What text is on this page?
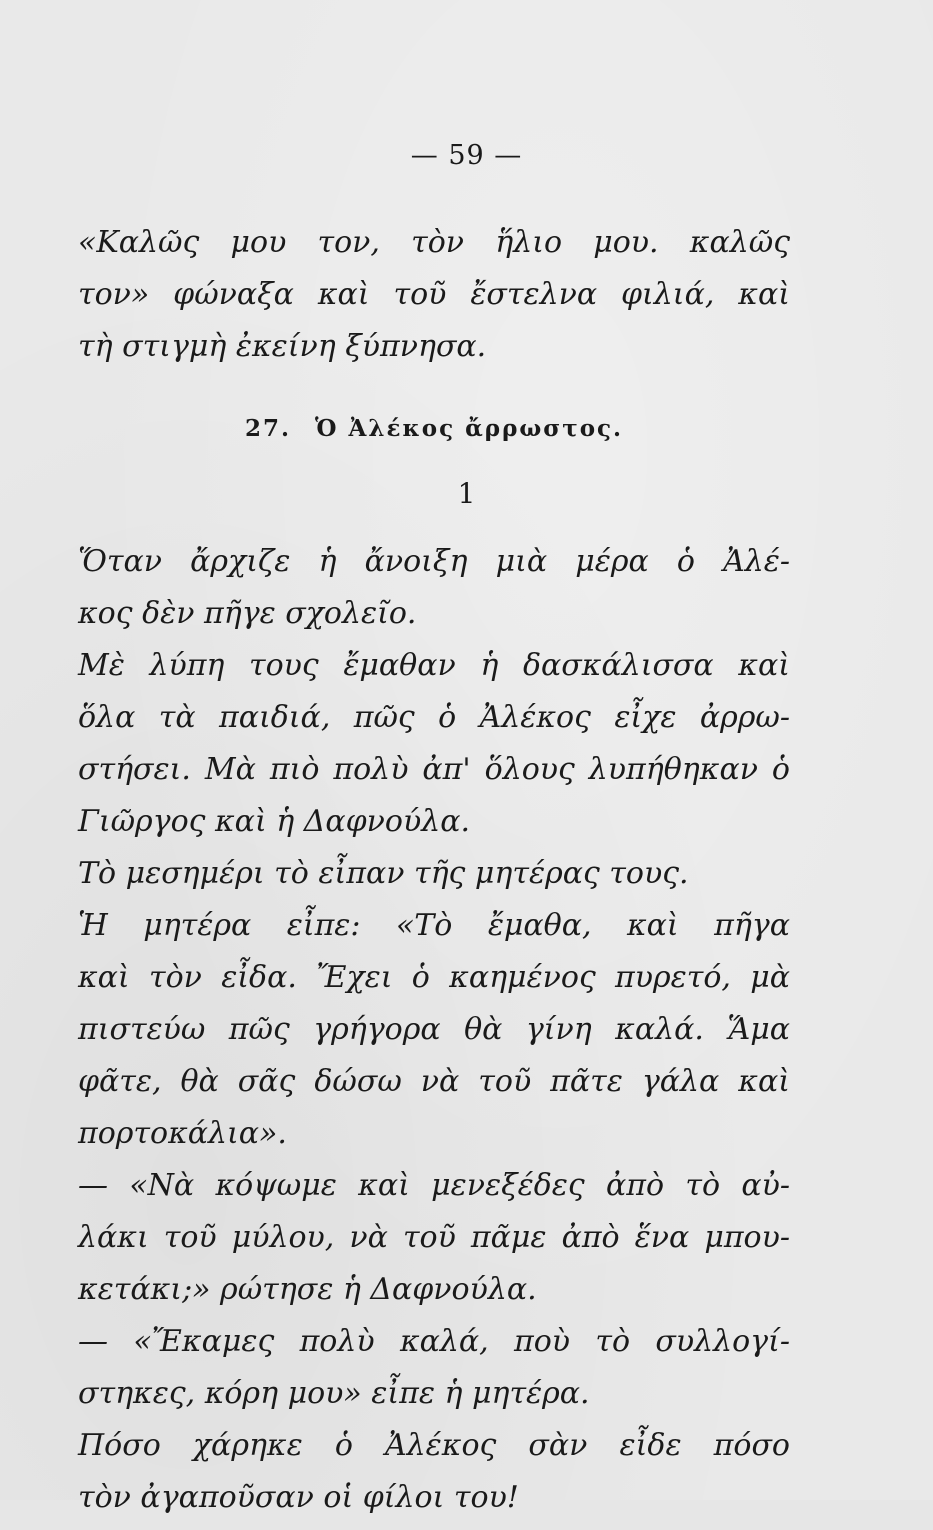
— 59 —
«Καλῶς μου τον, τὸν ἥλιο μου. καλῶς
τον» φώναξα καὶ τοῦ ἔστελνα φιλιά, καὶ
τὴ στιγμὴ ἐκείνη ξύπνησα.
27. Ὁ Ἀλέκος ἄρρωστος.
1
Ὅταν ἄρχιζε ἡ ἄνοιξη μιὰ μέρα ὁ Ἀλέ-
κος δὲν πῆγε σχολεῖο.
Μὲ λύπη τους ἔμαθαν ἡ δασκάλισσα καὶ
ὅλα τὰ παιδιά, πῶς ὁ Ἀλέκος εἶχε ἀρρω-
στήσει. Μὰ πιὸ πολὺ ἀπ' ὅλους λυπήθηκαν ὁ
Γιῶργος καὶ ἡ Δαφνούλα.
Τὸ μεσημέρι τὸ εἶπαν τῆς μητέρας τους.
Ἡ μητέρα εἶπε: «Τὸ ἔμαθα, καὶ πῆγα
καὶ τὸν εἶδα. Ἔχει ὁ καημένος πυρετό, μὰ
πιστεύω πῶς γρήγορα θὰ γίνη καλά. Ἅμα
φᾶτε, θὰ σᾶς δώσω νὰ τοῦ πᾶτε γάλα καὶ
πορτοκάλια».
— «Νὰ κόψωμε καὶ μενεξέδες ἀπὸ τὸ αὐ-
λάκι τοῦ μύλου, νὰ τοῦ πᾶμε ἀπὸ ἕνα μπου-
κετάκι;» ρώτησε ἡ Δαφνούλα.
— «Ἔκαμες πολὺ καλά, ποὺ τὸ συλλογί-
στηκες, κόρη μου» εἶπε ἡ μητέρα.
Πόσο χάρηκε ὁ Ἀλέκος σὰν εἶδε πόσο
τὸν ἀγαποῦσαν οἱ φίλοι του!
